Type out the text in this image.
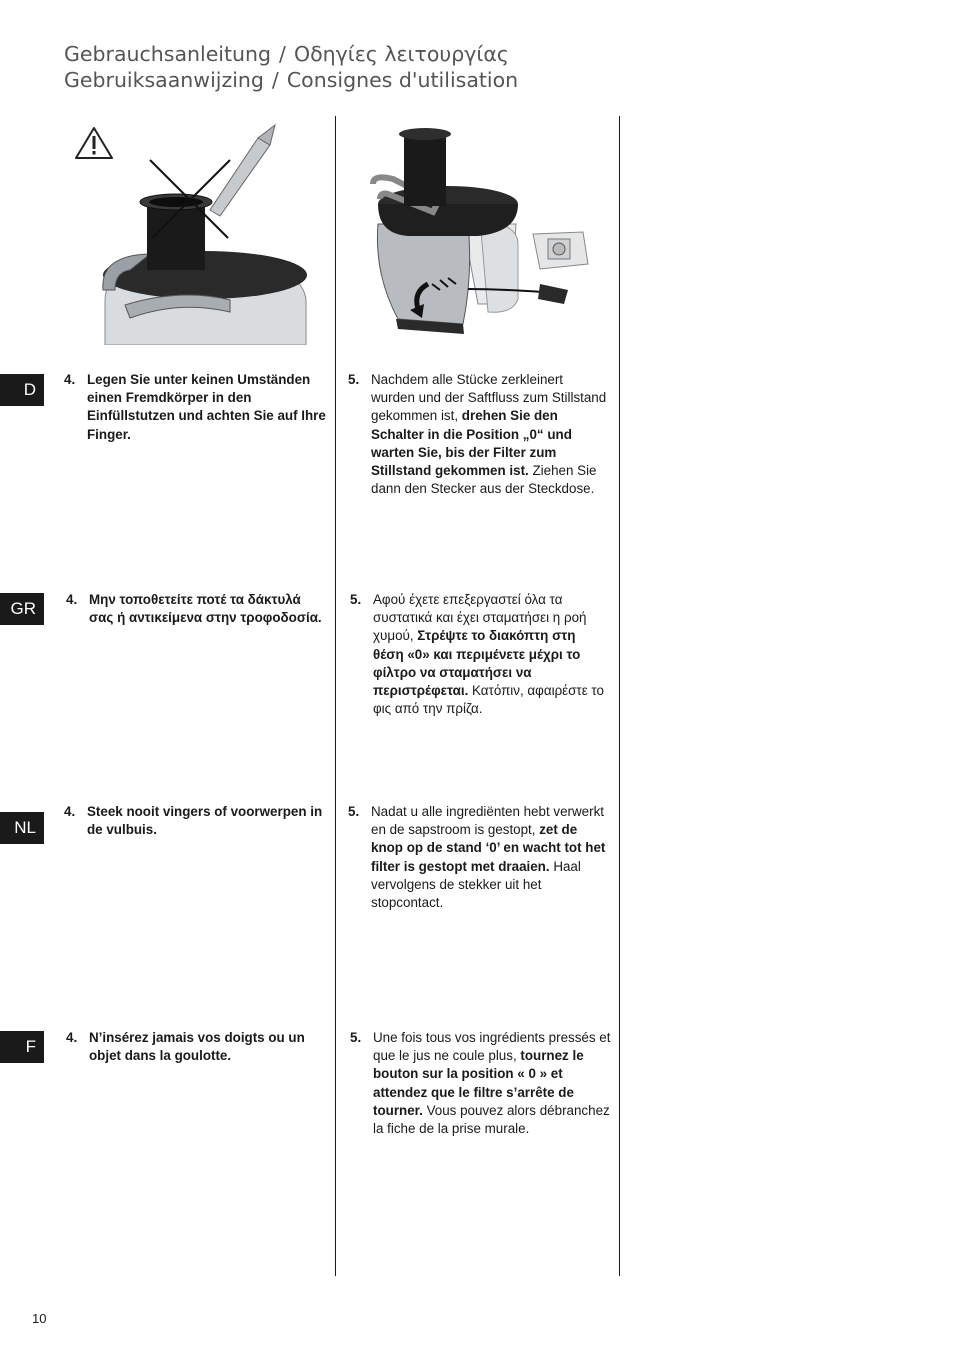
Gebrauchsanleitung / Οδηγίες λειτουργίας
Gebruiksaanwijzing / Consignes d'utilisation
D
GR
NL
F
4. Legen Sie unter keinen Umständen einen Fremdkörper in den Einfüllstutzen und achten Sie auf Ihre Finger.
5. Nachdem alle Stücke zerkleinert wurden und der Saftfluss zum Stillstand gekommen ist, drehen Sie den Schalter in die Position „0“ und warten Sie, bis der Filter zum Stillstand gekommen ist. Ziehen Sie dann den Stecker aus der Steckdose.
4. Μην τοποθετείτε ποτέ τα δάκτυλά σας ή αντικείμενα στην τροφοδοσία.
5. Αφού έχετε επεξεργαστεί όλα τα συστατικά και έχει σταματήσει η ροή χυμού, Στρέψτε το διακόπτη στη θέση «0» και περιμένετε μέχρι το φίλτρο να σταματήσει να περιστρέφεται. Κατόπιν, αφαιρέστε το φις από την πρίζα.
4. Steek nooit vingers of voorwerpen in de vulbuis.
5. Nadat u alle ingrediënten hebt verwerkt en de sapstroom is gestopt, zet de knop op de stand ‘0’ en wacht tot het filter is gestopt met draaien. Haal vervolgens de stekker uit het stopcontact.
4. N’insérez jamais vos doigts ou un objet dans la goulotte.
5. Une fois tous vos ingrédients pressés et que le jus ne coule plus, tournez le bouton sur la position « 0 » et attendez que le filtre s’arrête de tourner. Vous pouvez alors débranchez la fiche de la prise murale.
10
